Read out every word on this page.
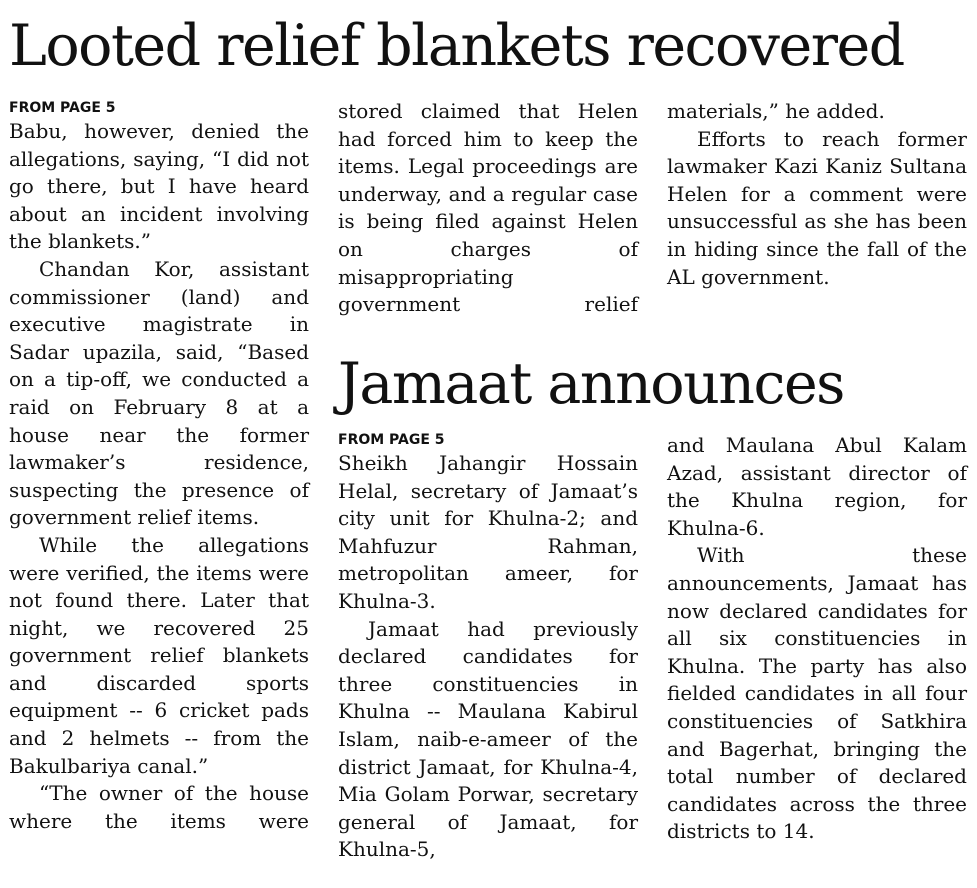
Looted relief blankets recovered
FROM PAGE 5

Babu, however, denied the allegations, saying, “I did not go there, but I have heard about an incident involving the blankets.”

Chandan Kor, assistant commissioner (land) and executive magistrate in Sadar upazila, said, “Based on a tip-off, we conducted a raid on February 8 at a house near the former lawmaker’s residence, suspecting the presence of government relief items.

While the allegations were verified, the items were not found there. Later that night, we recovered 25 government relief blankets and discarded sports equipment -- 6 cricket pads and 2 helmets -- from the Bakulbariya canal.”

“The owner of the house where the items were

stored claimed that Helen had forced him to keep the items. Legal proceedings are underway, and a regular case is being filed against Helen on charges of misappropriating government relief

materials,” he added.

Efforts to reach former lawmaker Kazi Kaniz Sultana Helen for a comment were unsuccessful as she has been in hiding since the fall of the AL government.

Jamaat announces
FROM PAGE 5

Sheikh Jahangir Hossain Helal, secretary of Jamaat’s city unit for Khulna-2; and Mahfuzur Rahman, metropolitan ameer, for Khulna-3.

Jamaat had previously declared candidates for three constituencies in Khulna -- Maulana Kabirul Islam, naib-e-ameer of the district Jamaat, for Khulna-4, Mia Golam Porwar, secretary general of Jamaat, for Khulna-5,

and Maulana Abul Kalam Azad, assistant director of the Khulna region, for Khulna-6.

With these announcements, Jamaat has now declared candidates for all six constituencies in Khulna. The party has also fielded candidates in all four constituencies of Satkhira and Bagerhat, bringing the total number of declared candidates across the three districts to 14.
